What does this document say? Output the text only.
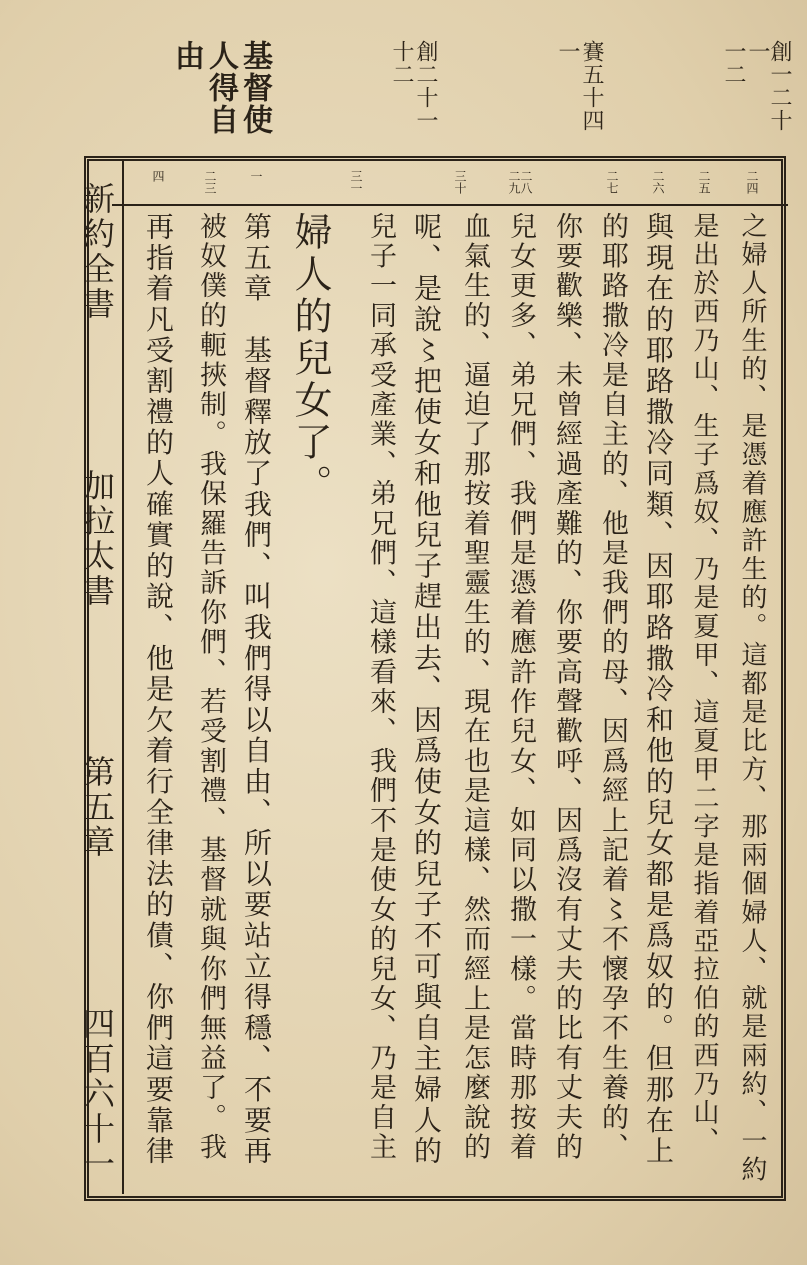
創一二十一
一二
賽五十四
一
創二十一
十二
基督使
人得自
由
新約全書
加拉太書
第五章
四百六十一
二四
二五
二六
二七
二八二九
三十
三一
一
二三
四
之婦人所生的、是憑着應許生的。這都是比方、那兩個婦人、就是兩約、一約
是出於西乃山、生子爲奴、乃是夏甲、這夏甲二字是指着亞拉伯的西乃山、
與現在的耶路撒冷同類、因耶路撒冷和他的兒女都是爲奴的。但那在上
的耶路撒冷是自主的、他是我們的母、因爲經上記着〻不懷孕不生養的、
你要歡樂、未曾經過產難的、你要高聲歡呼、因爲沒有丈夫的比有丈夫的
兒女更多、弟兄們、我們是憑着應許作兒女、如同以撒一樣。當時那按着
血氣生的、逼迫了那按着聖靈生的、現在也是這樣、然而經上是怎麼說的
呢、是說〻把使女和他兒子趕出去、因爲使女的兒子不可與自主婦人的
兒子一同承受產業、弟兄們、這樣看來、我們不是使女的兒女、乃是自主
婦人的兒女了。
第五章　基督釋放了我們、叫我們得以自由、所以要站立得穩、不要再
被奴僕的軛挾制。我保羅告訴你們、若受割禮、基督就與你們無益了。我
再指着凡受割禮的人確實的說、他是欠着行全律法的債、你們這要靠律
